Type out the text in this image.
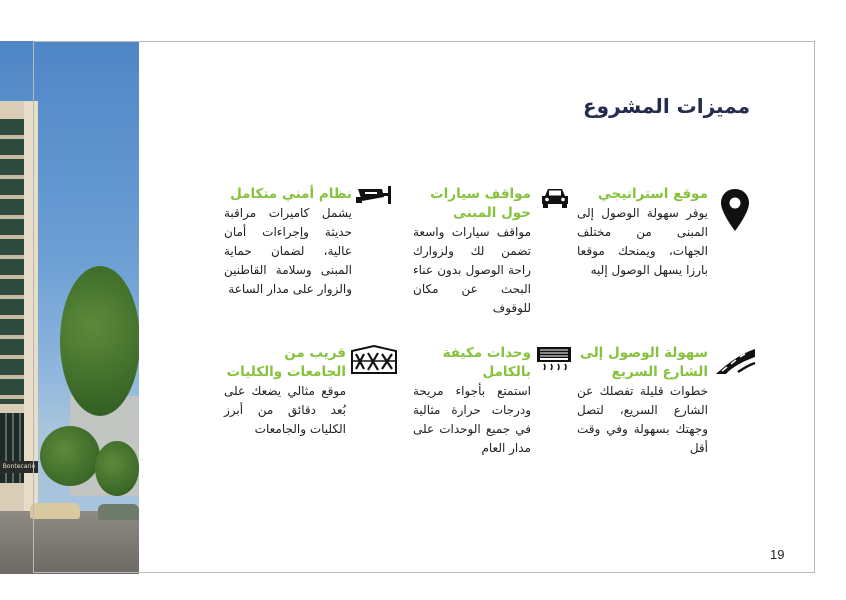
Bontecario
مميزات المشروع

موقع استراتيجي

يوفر سهولة الوصول إلى المبنى من مختلف الجهات، ويمنحك موقعا بارزا يسهل الوصول إليه

مواقف سيارات حول المبنى

مواقف سيارات واسعة تضمن لك ولزوارك راحة الوصول بدون عناء البحث عن مكان للوقوف

نظام أمني متكامل

يشمل كاميرات مراقبة حديثة وإجراءات أمان عالية، لضمان حماية المبنى وسلامة القاطنين والزوار على مدار الساعة

سهولة الوصول إلى الشارع السريع

خطوات قليلة تفصلك عن الشارع السريع، لتصل وجهتك بسهولة وفي وقت أقل

وحدات مكيفة بالكامل

استمتع بأجواء مريحة ودرجات حرارة مثالية في جميع الوحدات على مدار العام

قريب من الجامعات والكليات

موقع مثالي يضعك على بُعد دقائق من أبرز الكليات والجامعات

19
